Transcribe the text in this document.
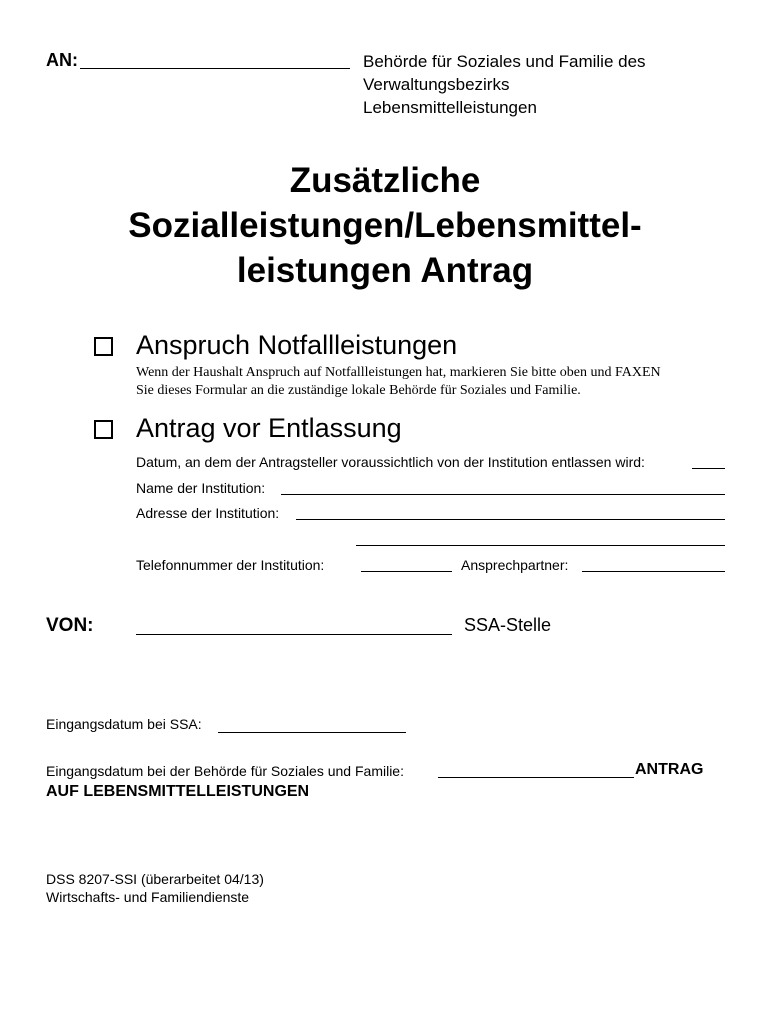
AN:	Behörde für Soziales und Familie des
Verwaltungsbezirks
Lebensmittelleistungen
Zusätzliche
Sozialleistungen/Lebensmittel-
leistungen Antrag
Anspruch Notfallleistungen
Wenn der Haushalt Anspruch auf Notfallleistungen hat, markieren Sie bitte oben und FAXEN
Sie dieses Formular an die zuständige lokale Behörde für Soziales und Familie.
Antrag vor Entlassung
Datum, an dem der Antragsteller voraussichtlich von der Institution entlassen wird:
Name der Institution:
Adresse der Institution:
Telefonnummer der Institution:	Ansprechpartner:
VON:	SSA-Stelle
Eingangsdatum bei SSA:
Eingangsdatum bei der Behörde für Soziales und Familie:	ANTRAG
AUF LEBENSMITTELLEISTUNGEN
DSS 8207-SSI (überarbeitet 04/13)
Wirtschafts- und Familiendienste
